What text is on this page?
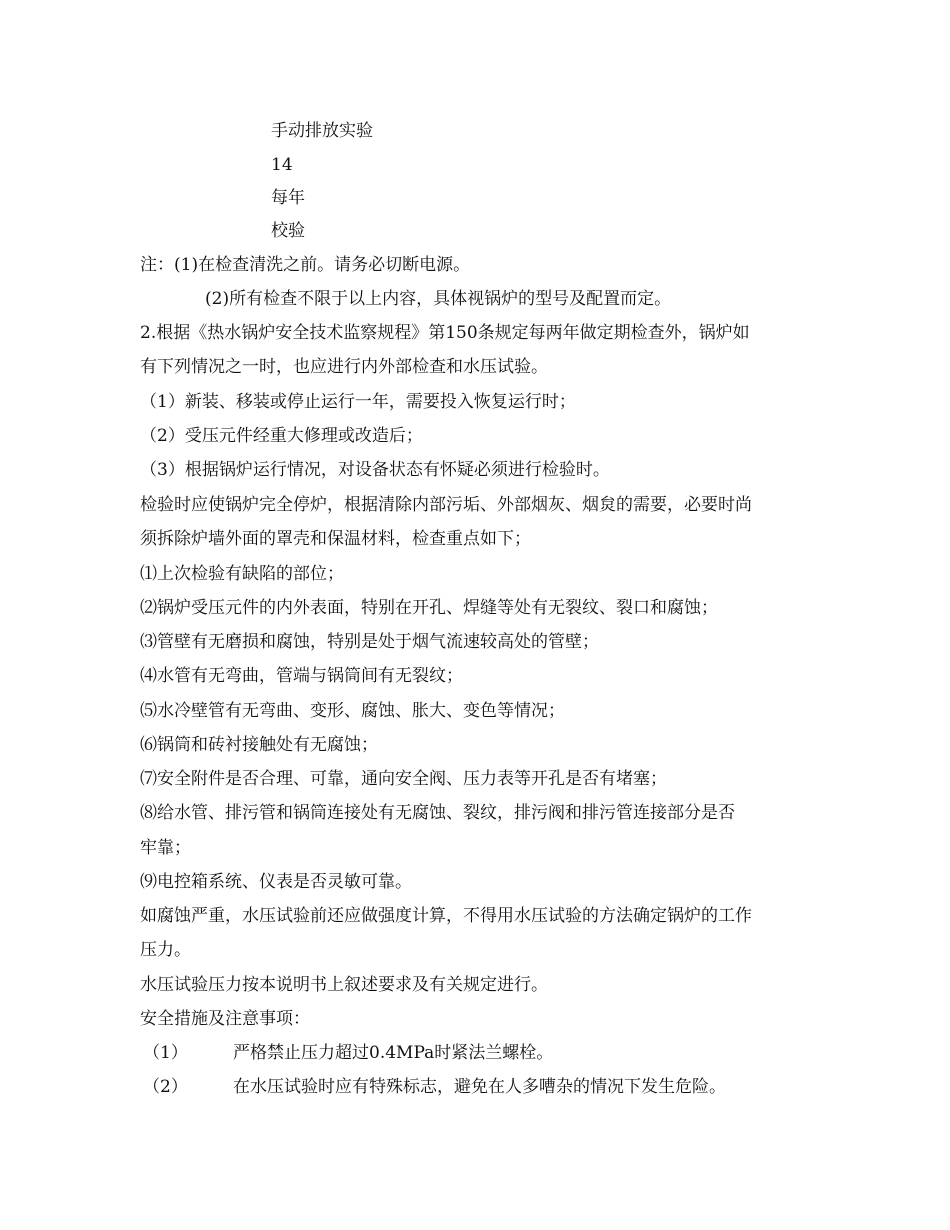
手动排放实验
14
每年
校验
注：(1)在检查清洗之前。请务必切断电源。
(2)所有检查不限于以上内容，具体视锅炉的型号及配置而定。
2.根据《热水锅炉安全技术监察规程》第150条规定每两年做定期检查外，锅炉如
有下列情况之一时，也应进行内外部检查和水压试验。
（1）新装、移装或停止运行一年，需要投入恢复运行时；
（2）受压元件经重大修理或改造后；
（3）根据锅炉运行情况，对设备状态有怀疑必须进行检验时。
检验时应使锅炉完全停炉，根据清除内部污垢、外部烟灰、烟炱的需要，必要时尚
须拆除炉墙外面的罩壳和保温材料，检查重点如下；
⑴上次检验有缺陷的部位；
⑵锅炉受压元件的内外表面，特别在开孔、焊缝等处有无裂纹、裂口和腐蚀；
⑶管壁有无磨损和腐蚀，特别是处于烟气流速较高处的管壁；
⑷水管有无弯曲，管端与锅筒间有无裂纹；
⑸水冷壁管有无弯曲、变形、腐蚀、胀大、变色等情况；
⑹锅筒和砖衬接触处有无腐蚀；
⑺安全附件是否合理、可靠，通向安全阀、压力表等开孔是否有堵塞；
⑻给水管、排污管和锅筒连接处有无腐蚀、裂纹，排污阀和排污管连接部分是否
牢靠；
⑼电控箱系统、仪表是否灵敏可靠。
如腐蚀严重，水压试验前还应做强度计算，不得用水压试验的方法确定锅炉的工作
压力。
水压试验压力按本说明书上叙述要求及有关规定进行。
安全措施及注意事项：
（1）	严格禁止压力超过0.4MPa时紧法兰螺栓。
（2）	在水压试验时应有特殊标志，避免在人多嘈杂的情况下发生危险。
